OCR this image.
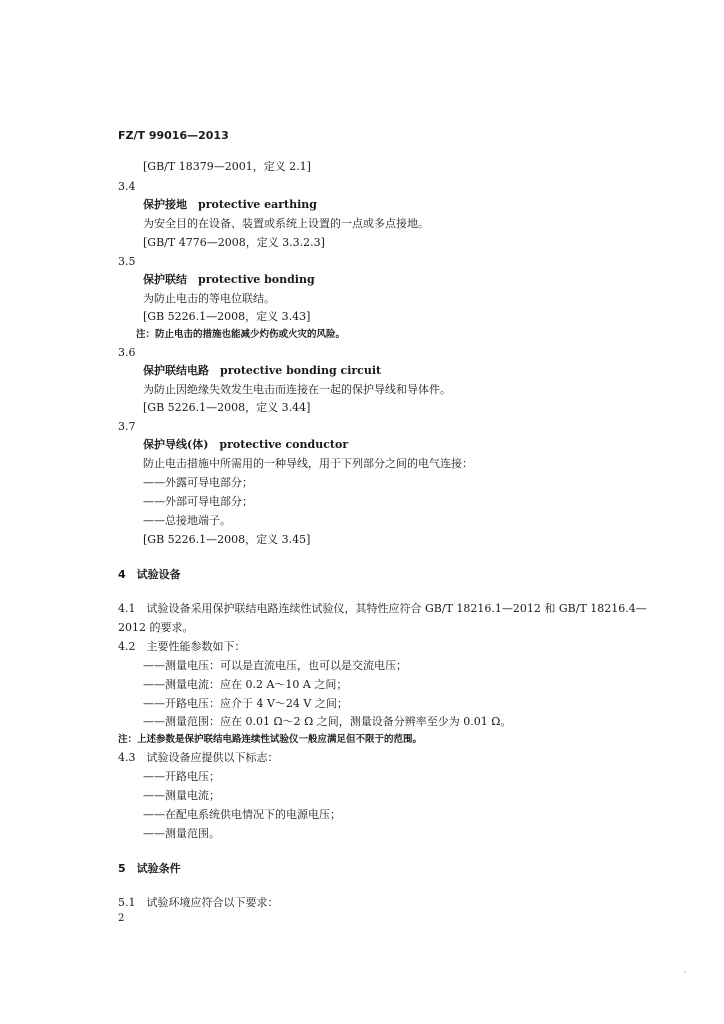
FZ/T 99016—2013
[GB/T 18379—2001，定义 2.1]
3.4
保护接地　protective earthing
为安全目的在设备、装置或系统上设置的一点或多点接地。
[GB/T 4776—2008，定义 3.3.2.3]
3.5
保护联结　protective bonding
为防止电击的等电位联结。
[GB 5226.1—2008，定义 3.43]
注：防止电击的措施也能减少灼伤或火灾的风险。
3.6
保护联结电路　protective bonding circuit
为防止因绝缘失效发生电击而连接在一起的保护导线和导体件。
[GB 5226.1—2008，定义 3.44]
3.7
保护导线(体)　protective conductor
防止电击措施中所需用的一种导线，用于下列部分之间的电气连接：
——外露可导电部分；
——外部可导电部分；
——总接地端子。
[GB 5226.1—2008，定义 3.45]
4　试验设备
4.1　试验设备采用保护联结电路连续性试验仪，其特性应符合 GB/T 18216.1—2012 和 GB/T 18216.4—
2012 的要求。
4.2　主要性能参数如下：
——测量电压：可以是直流电压，也可以是交流电压；
——测量电流：应在 0.2 A～10 A 之间；
——开路电压：应介于 4 V～24 V 之间；
——测量范围：应在 0.01 Ω～2 Ω 之间，测量设备分辨率至少为 0.01 Ω。
注：上述参数是保护联结电路连续性试验仪一般应满足但不限于的范围。
4.3　试验设备应提供以下标志：
——开路电压；
——测量电流；
——在配电系统供电情况下的电源电压；
——测量范围。
5　试验条件
5.1　试验环境应符合以下要求：
2
·
